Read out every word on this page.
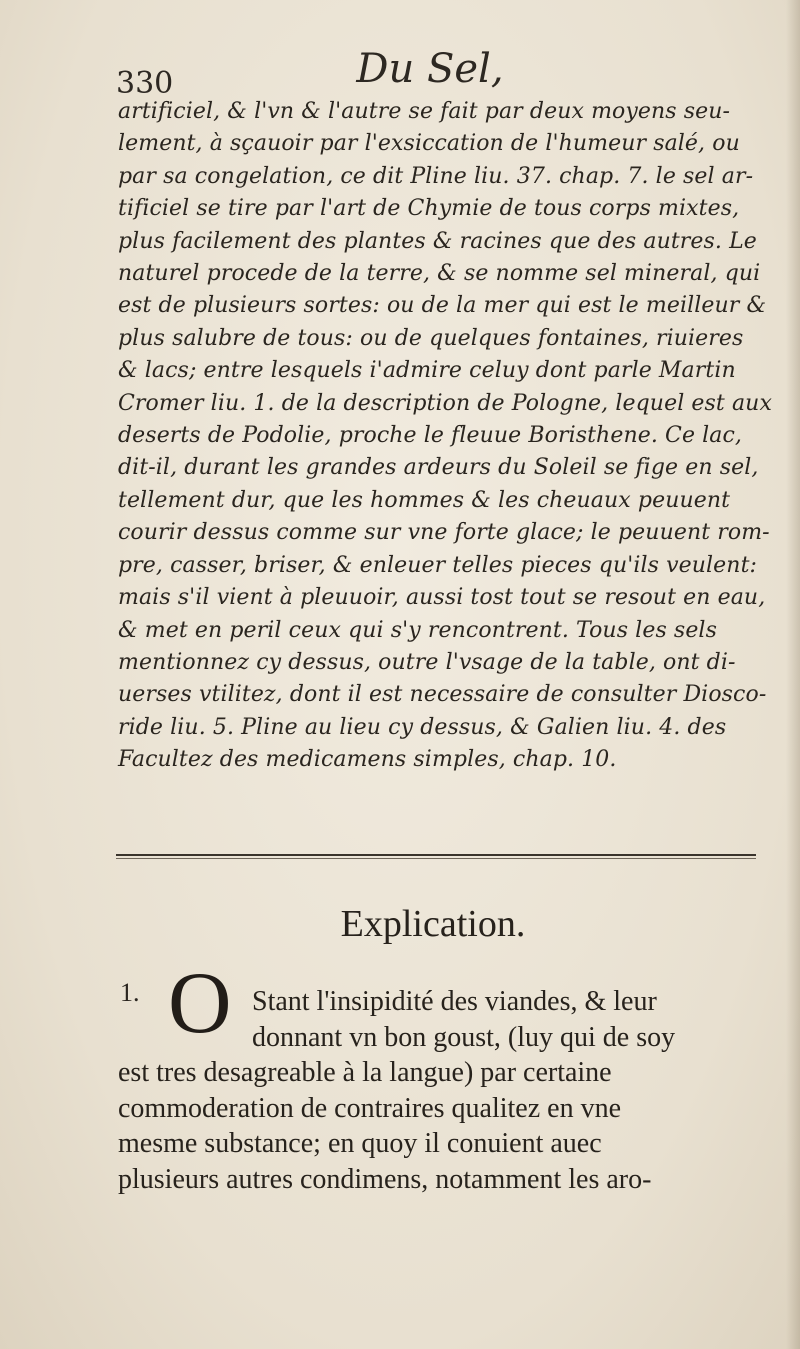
330	Du Sel,
artificiel, & l'vn & l'autre se fait par deux moyens seu-
lement, à sçauoir par l'exsiccation de l'humeur salé, ou
par sa congelation, ce dit Pline liu. 37. chap. 7. le sel ar-
tificiel se tire par l'art de Chymie de tous corps mixtes,
plus facilement des plantes & racines que des autres. Le
naturel procede de la terre, & se nomme sel mineral, qui
est de plusieurs sortes: ou de la mer qui est le meilleur &
plus salubre de tous: ou de quelques fontaines, riuieres
& lacs; entre lesquels i'admire celuy dont parle Martin
Cromer liu. 1. de la description de Pologne, lequel est aux
deserts de Podolie, proche le fleuue Boristhene. Ce lac,
dit-il, durant les grandes ardeurs du Soleil se fige en sel,
tellement dur, que les hommes & les cheuaux peuuent
courir dessus comme sur vne forte glace; le peuuent rom-
pre, casser, briser, & enleuer telles pieces qu'ils veulent:
mais s'il vient à pleuuoir, aussi tost tout se resout en eau,
& met en peril ceux qui s'y rencontrent. Tous les sels
mentionnez cy dessus, outre l'vsage de la table, ont di-
uerses vtilitez, dont il est necessaire de consulter Diosco-
ride liu. 5. Pline au lieu cy dessus, & Galien liu. 4. des
Facultez des medicamens simples, chap. 10.
Explication.
1. O Stant l'insipidité des viandes, & leur
donnant vn bon goust, (luy qui de soy
est tres desagreable à la langue) par certaine
commoderation de contraires qualitez en vne
mesme substance; en quoy il conuient auec
plusieurs autres condimens, notamment les aro-
